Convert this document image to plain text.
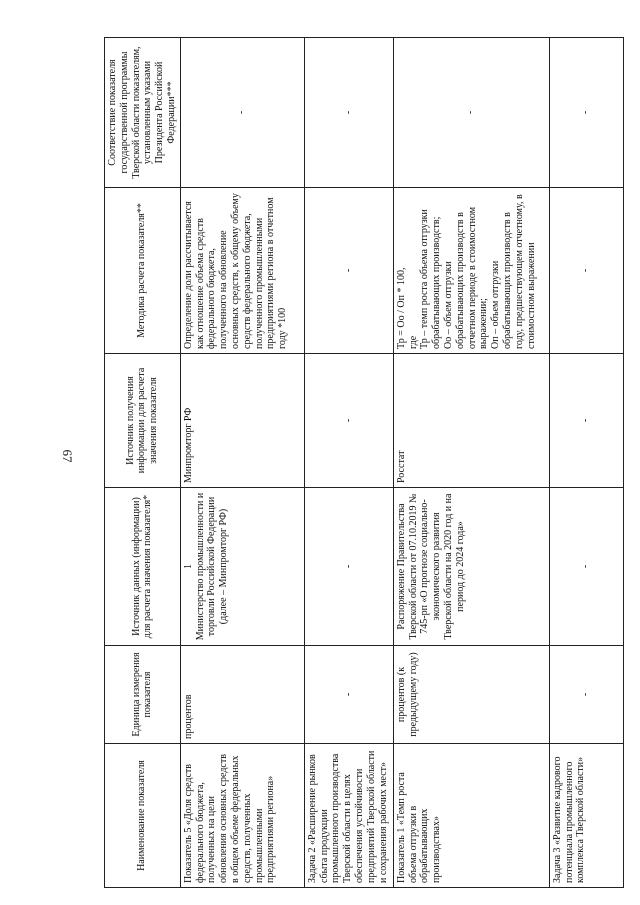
67
Наименование показателя	Единица измерения показателя	Источник данных (информации) для расчета значения показателя*	Источник получения информации для расчета значения показателя	Методика расчета показателя**	Соответствие показателя государственной программы Тверской области показателям, установленным указами Президента Российской Федерации***
Показатель 5 «Доля средств федерального бюджета, полученных на цели обновления основных средств в общем объеме федеральных средств, полученных промышленными предприятиями региона»	процентов	1 Министерство промышленности и торговли Российской Федерации (далее – Минпромторг РФ)	Минпромторг РФ	Определение доли рассчитывается как отношение объема средств федерального бюджета, полученного на обновление основных средств, к общему объему средств федерального бюджета, полученного промышленными предприятиями региона в отчетном году *100	-
Задача 2 «Расширение рынков сбыта продукции промышленного производства Тверской области в целях обеспечения устойчивости предприятий Тверской области и сохранения рабочих мест»	-	-	-	-	-
Показатель 1 «Темп роста объема отгрузки в обрабатывающих производствах»	процентов (к предыдущему году)	Распоряжение Правительства Тверской области от 07.10.2019 № 745-рп «О прогнозе социально-экономического развития Тверской области на 2020 год и на период до 2024 года»	Росстат	Тр = Оо / Оп * 100, где Тр – темп роста объема отгрузки обрабатывающих производств; Оо – объем отгрузки обрабатывающих производств в отчетном периоде в стоимостном выражении; Оп – объем отгрузки обрабатывающих производств в году, предшествующем отчетному, в стоимостном выражении	-
Задача 3 «Развитие кадрового потенциала промышленного комплекса Тверской области»	-	-	-	-	-
